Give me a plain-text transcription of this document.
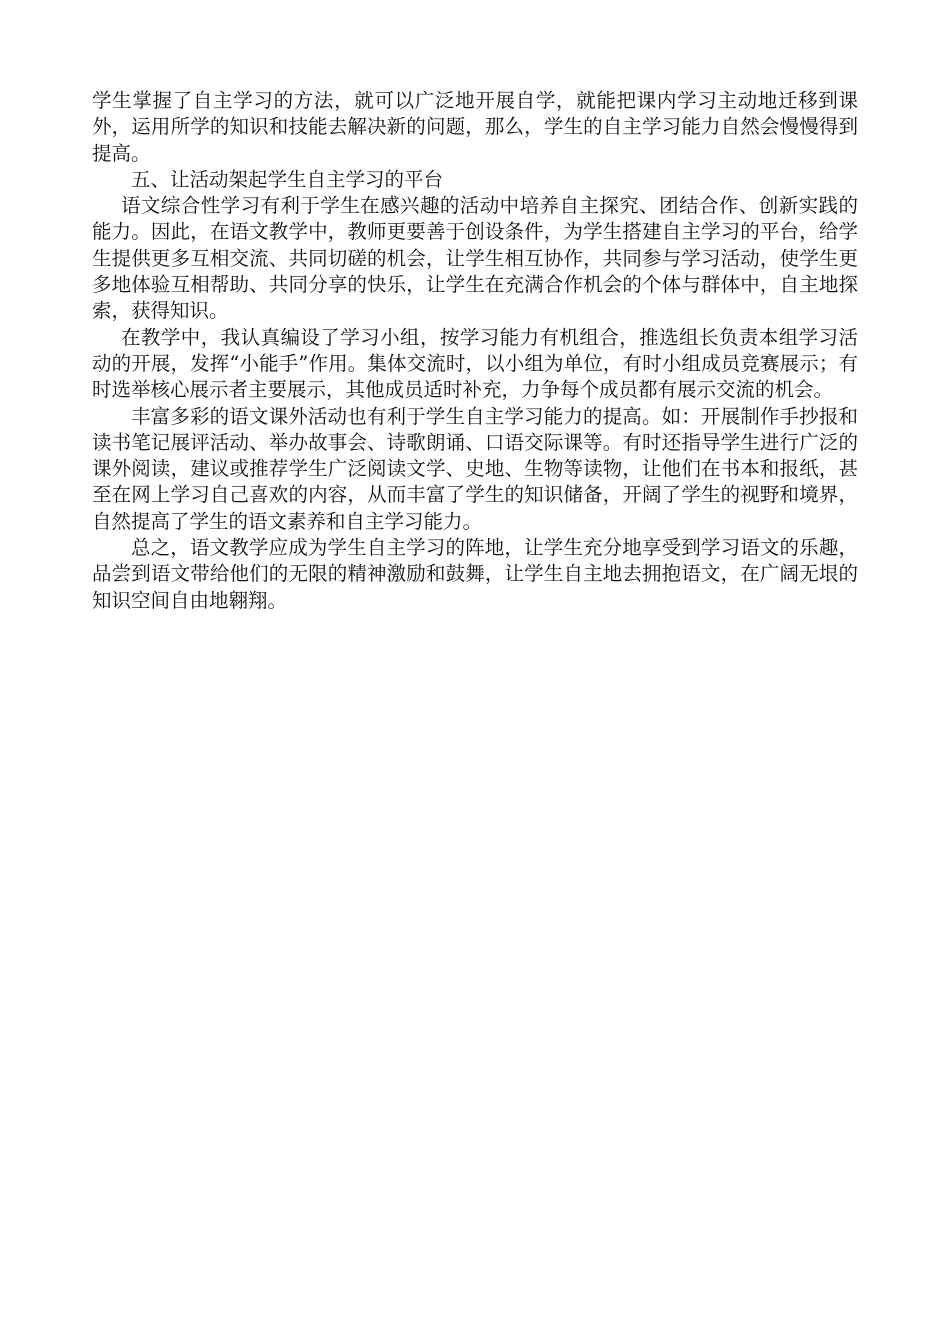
学生掌握了自主学习的方法，就可以广泛地开展自学，就能把课内学习主动地迁移到课外，运用所学的知识和技能去解决新的问题，那么，学生的自主学习能力自然会慢慢得到提高。

五、让活动架起学生自主学习的平台

语文综合性学习有利于学生在感兴趣的活动中培养自主探究、团结合作、创新实践的能力。因此，在语文教学中，教师更要善于创设条件，为学生搭建自主学习的平台，给学生提供更多互相交流、共同切磋的机会，让学生相互协作，共同参与学习活动，使学生更多地体验互相帮助、共同分享的快乐，让学生在充满合作机会的个体与群体中，自主地探索，获得知识。

在教学中，我认真编设了学习小组，按学习能力有机组合，推选组长负责本组学习活动的开展，发挥“小能手”作用。集体交流时，以小组为单位，有时小组成员竞赛展示；有时选举核心展示者主要展示，其他成员适时补充，力争每个成员都有展示交流的机会。

丰富多彩的语文课外活动也有利于学生自主学习能力的提高。如：开展制作手抄报和读书笔记展评活动、举办故事会、诗歌朗诵、口语交际课等。有时还指导学生进行广泛的课外阅读，建议或推荐学生广泛阅读文学、史地、生物等读物，让他们在书本和报纸，甚至在网上学习自己喜欢的内容，从而丰富了学生的知识储备，开阔了学生的视野和境界，自然提高了学生的语文素养和自主学习能力。

总之，语文教学应成为学生自主学习的阵地，让学生充分地享受到学习语文的乐趣，品尝到语文带给他们的无限的精神激励和鼓舞，让学生自主地去拥抱语文，在广阔无垠的知识空间自由地翱翔。
